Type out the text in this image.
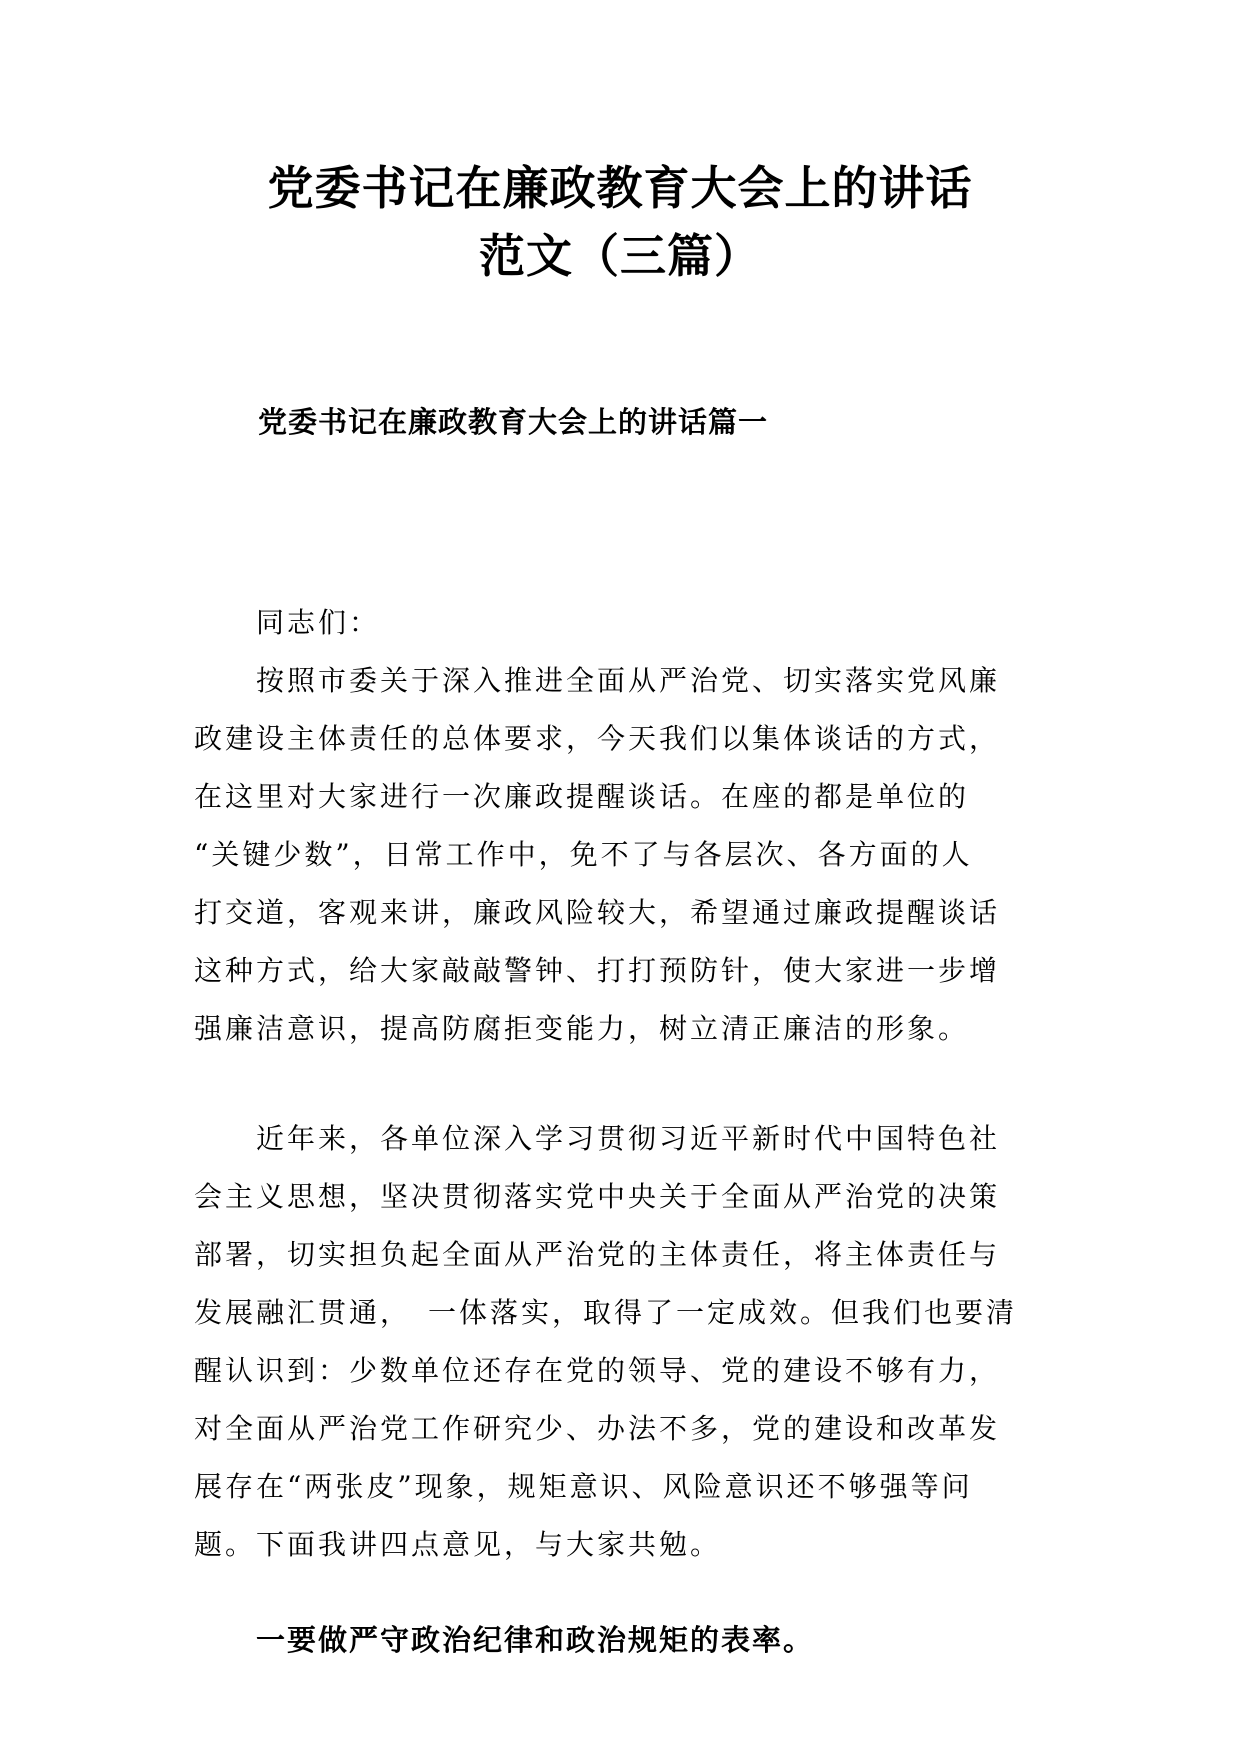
党委书记在廉政教育大会上的讲话
范文（三篇）
党委书记在廉政教育大会上的讲话篇一
同志们：
按照市委关于深入推进全面从严治党、切实落实党风廉
政建设主体责任的总体要求，今天我们以集体谈话的方式，
在这里对大家进行一次廉政提醒谈话。在座的都是单位的
“关键少数”，日常工作中，免不了与各层次、各方面的人
打交道，客观来讲，廉政风险较大，希望通过廉政提醒谈话
这种方式，给大家敲敲警钟、打打预防针，使大家进一步增
强廉洁意识，提高防腐拒变能力，树立清正廉洁的形象。
近年来，各单位深入学习贯彻习近平新时代中国特色社
会主义思想，坚决贯彻落实党中央关于全面从严治党的决策
部署，切实担负起全面从严治党的主体责任，将主体责任与
发展融汇贯通，　一体落实，取得了一定成效。但我们也要清
醒认识到：少数单位还存在党的领导、党的建设不够有力，
对全面从严治党工作研究少、办法不多，党的建设和改革发
展存在“两张皮”现象，规矩意识、风险意识还不够强等问
题。下面我讲四点意见，与大家共勉。
一要做严守政治纪律和政治规矩的表率。
